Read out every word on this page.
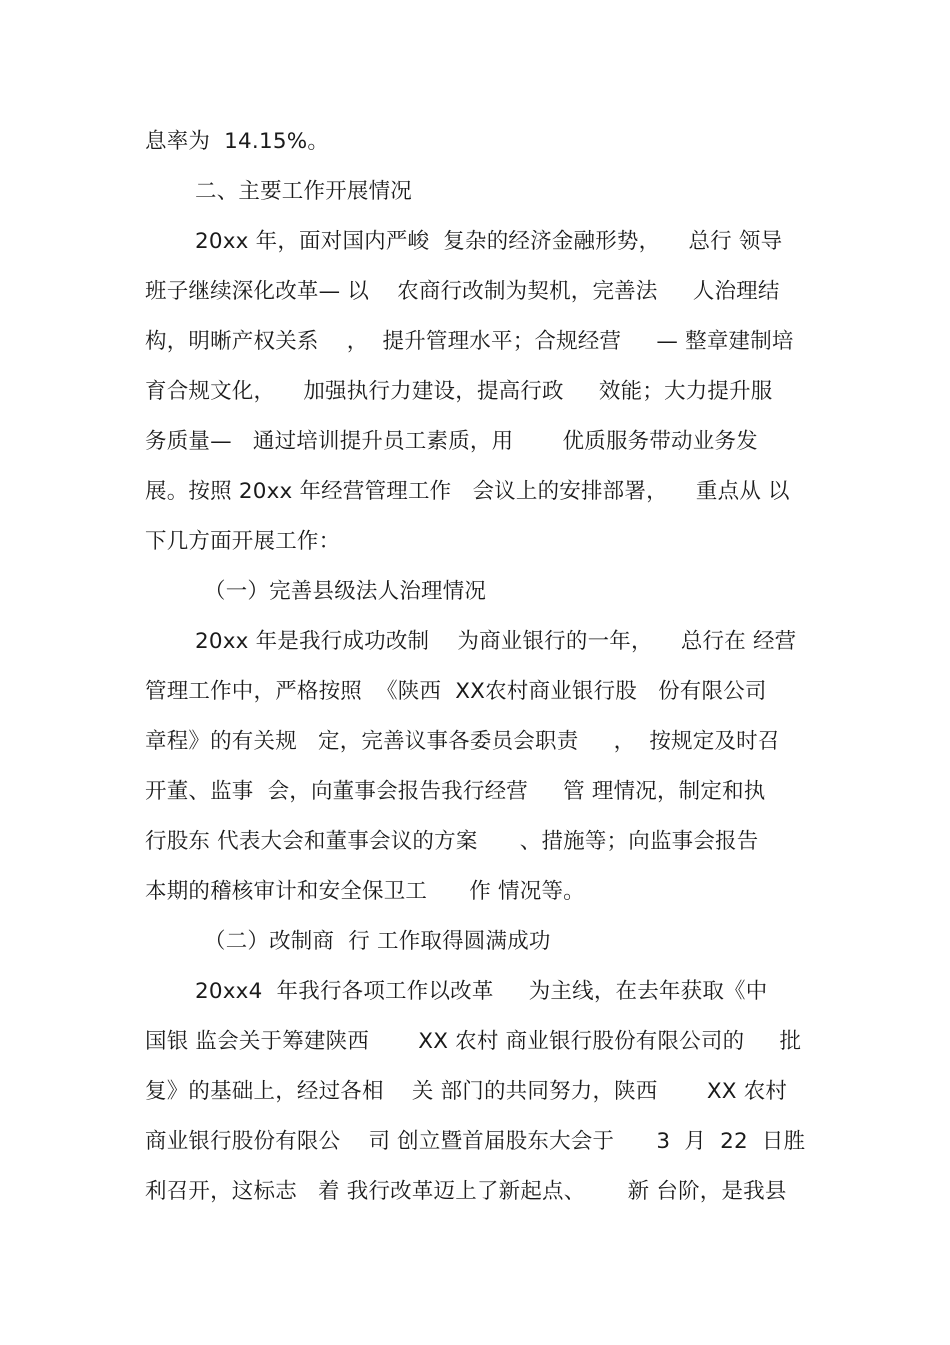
息率为  14.15%。
二、主要工作开展情况
20xx 年，面对国内严峻  复杂的经济金融形势，    总行 领导
班子继续深化改革— 以    农商行改制为契机，完善法     人治理结
构，明晰产权关系    ，  提升管理水平；合规经营     — 整章建制培
育合规文化，    加强执行力建设，提高行政     效能；大力提升服
务质量—   通过培训提升员工素质，用       优质服务带动业务发
展。按照 20xx 年经营管理工作   会议上的安排部署，    重点从 以
下几方面开展工作：
（一）完善县级法人治理情况
20xx 年是我行成功改制    为商业银行的一年，    总行在 经营
管理工作中，严格按照  《陕西  XX农村商业银行股   份有限公司
章程》的有关规   定，完善议事各委员会职责     ，  按规定及时召
开董、监事  会，向董事会报告我行经营     管 理情况，制定和执
行股东 代表大会和董事会议的方案      、措施等；向监事会报告
本期的稽核审计和安全保卫工      作 情况等。
（二）改制商  行 工作取得圆满成功
20xx4  年我行各项工作以改革     为主线，在去年获取《中
国银 监会关于筹建陕西       XX 农村 商业银行股份有限公司的     批
复》的基础上，经过各相    关 部门的共同努力，陕西       XX 农村
商业银行股份有限公    司 创立暨首届股东大会于      3  月  22  日胜
利召开，这标志   着 我行改革迈上了新起点、      新 台阶，是我县
